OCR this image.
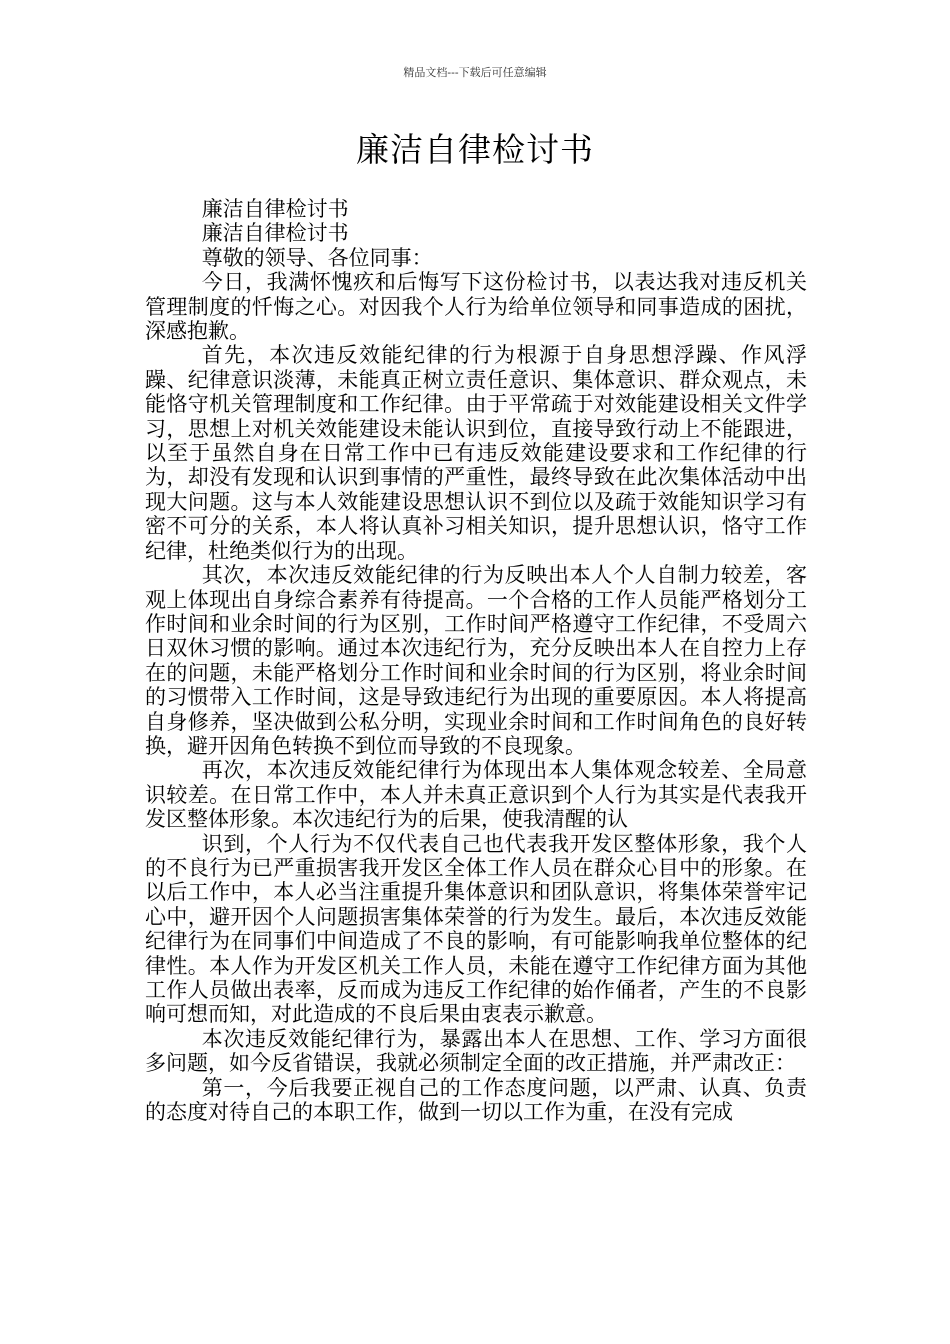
精品文档---下载后可任意编辑
廉洁自律检讨书

廉洁自律检讨书

廉洁自律检讨书

尊敬的领导、各位同事：

今日，我满怀愧疚和后悔写下这份检讨书，以表达我对违反机关管理制度的忏悔之心。对因我个人行为给单位领导和同事造成的困扰，深感抱歉。

首先，本次违反效能纪律的行为根源于自身思想浮躁、作风浮躁、纪律意识淡薄，未能真正树立责任意识、集体意识、群众观点，未能恪守机关管理制度和工作纪律。由于平常疏于对效能建设相关文件学习，思想上对机关效能建设未能认识到位，直接导致行动上不能跟进，以至于虽然自身在日常工作中已有违反效能建设要求和工作纪律的行为，却没有发现和认识到事情的严重性，最终导致在此次集体活动中出现大问题。这与本人效能建设思想认识不到位以及疏于效能知识学习有密不可分的关系，本人将认真补习相关知识，提升思想认识，恪守工作纪律，杜绝类似行为的出现。

其次，本次违反效能纪律的行为反映出本人个人自制力较差，客观上体现出自身综合素养有待提高。一个合格的工作人员能严格划分工作时间和业余时间的行为区别，工作时间严格遵守工作纪律，不受周六日双休习惯的影响。通过本次违纪行为，充分反映出本人在自控力上存在的问题，未能严格划分工作时间和业余时间的行为区别，将业余时间的习惯带入工作时间，这是导致违纪行为出现的重要原因。本人将提高自身修养，坚决做到公私分明，实现业余时间和工作时间角色的良好转换，避开因角色转换不到位而导致的不良现象。

再次，本次违反效能纪律行为体现出本人集体观念较差、全局意识较差。在日常工作中，本人并未真正意识到个人行为其实是代表我开发区整体形象。本次违纪行为的后果，使我清醒的认

识到，个人行为不仅代表自己也代表我开发区整体形象，我个人的不良行为已严重损害我开发区全体工作人员在群众心目中的形象。在以后工作中，本人必当注重提升集体意识和团队意识，将集体荣誉牢记心中，避开因个人问题损害集体荣誉的行为发生。最后，本次违反效能纪律行为在同事们中间造成了不良的影响，有可能影响我单位整体的纪律性。本人作为开发区机关工作人员，未能在遵守工作纪律方面为其他工作人员做出表率，反而成为违反工作纪律的始作俑者，产生的不良影响可想而知，对此造成的不良后果由衷表示歉意。

本次违反效能纪律行为，暴露出本人在思想、工作、学习方面很多问题，如今反省错误，我就必须制定全面的改正措施，并严肃改正：

第一，今后我要正视自己的工作态度问题，以严肃、认真、负责的态度对待自己的本职工作，做到一切以工作为重，在没有完成
